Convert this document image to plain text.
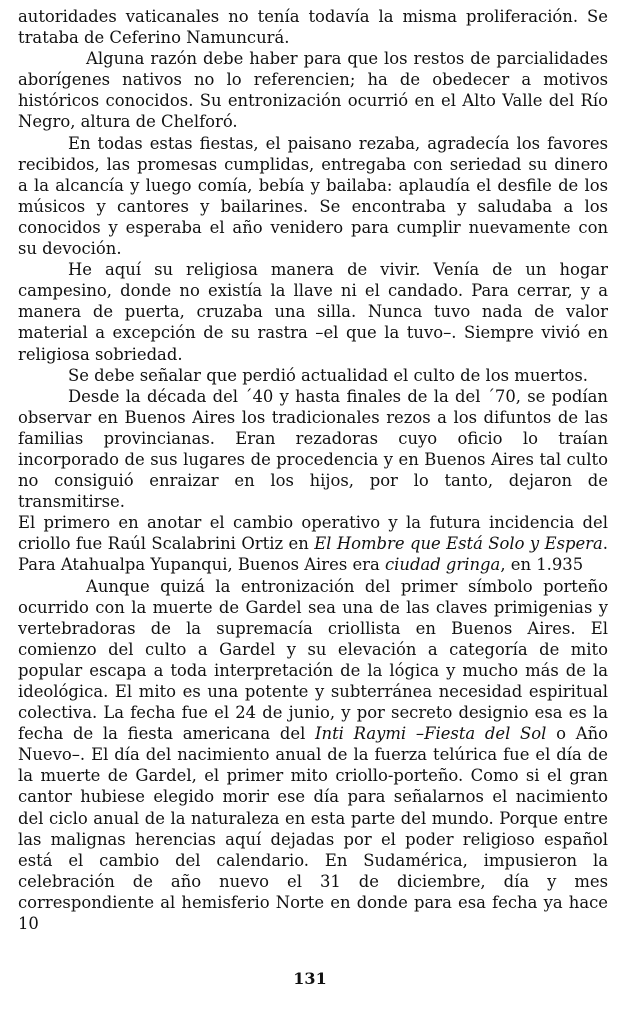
autoridades vaticanales no tenía todavía la misma proliferación. Se trataba de Ceferino Namuncurá.

Alguna razón debe haber para que los restos de parcialidades aborígenes nativos no lo referencien; ha de obedecer a motivos históricos conocidos. Su entronización ocurrió en el Alto Valle del Río Negro, altura de Chelforó.

En todas estas fiestas, el paisano rezaba, agradecía los favores recibidos, las promesas cumplidas, entregaba con seriedad su dinero a la alcancía y luego comía, bebía y bailaba: aplaudía el desfile de los músicos y cantores y bailarines. Se encontraba y saludaba a los conocidos y esperaba el año venidero para cumplir nuevamente con su devoción.

He aquí su religiosa manera de vivir. Venía de un hogar campesino, donde no existía la llave ni el candado. Para cerrar, y a manera de puerta, cruzaba una silla. Nunca tuvo nada de valor material a excepción de su rastra –el que la tuvo–. Siempre vivió en religiosa sobriedad.

Se debe señalar que perdió actualidad el culto de los muertos.

Desde la década del ´40 y hasta finales de la del ´70, se podían observar en Buenos Aires los tradicionales rezos a los difuntos de las familias provincianas. Eran rezadoras cuyo oficio lo traían incorporado de sus lugares de procedencia y en Buenos Aires tal culto no consiguió enraizar en los hijos, por lo tanto, dejaron de transmitirse.

El primero en anotar el cambio operativo y la futura incidencia del criollo fue Raúl Scalabrini Ortiz en El Hombre que Está Solo y Espera. Para Atahualpa Yupanqui, Buenos Aires era ciudad gringa, en 1.935

Aunque quizá la entronización del primer símbolo porteño ocurrido con la muerte de Gardel sea una de las claves primigenias y vertebradoras de la supremacía criollista en Buenos Aires. El comienzo del culto a Gardel y su elevación a categoría de mito popular escapa a toda interpretación de la lógica y mucho más de la ideológica. El mito es una potente y subterránea necesidad espiritual colectiva. La fecha fue el 24 de junio, y por secreto designio esa es la fecha de la fiesta americana del Inti Raymi –Fiesta del Sol o Año Nuevo–. El día del nacimiento anual de la fuerza telúrica fue el día de la muerte de Gardel, el primer mito criollo-porteño. Como si el gran cantor hubiese elegido morir ese día para señalarnos el nacimiento del ciclo anual de la naturaleza en esta parte del mundo. Porque entre las malignas herencias aquí dejadas por el poder religioso español está el cambio del calendario. En Sudamérica, impusieron la celebración de año nuevo el 31 de diciembre, día y mes correspondiente al hemisferio Norte en donde para esa fecha ya hace 10

131
